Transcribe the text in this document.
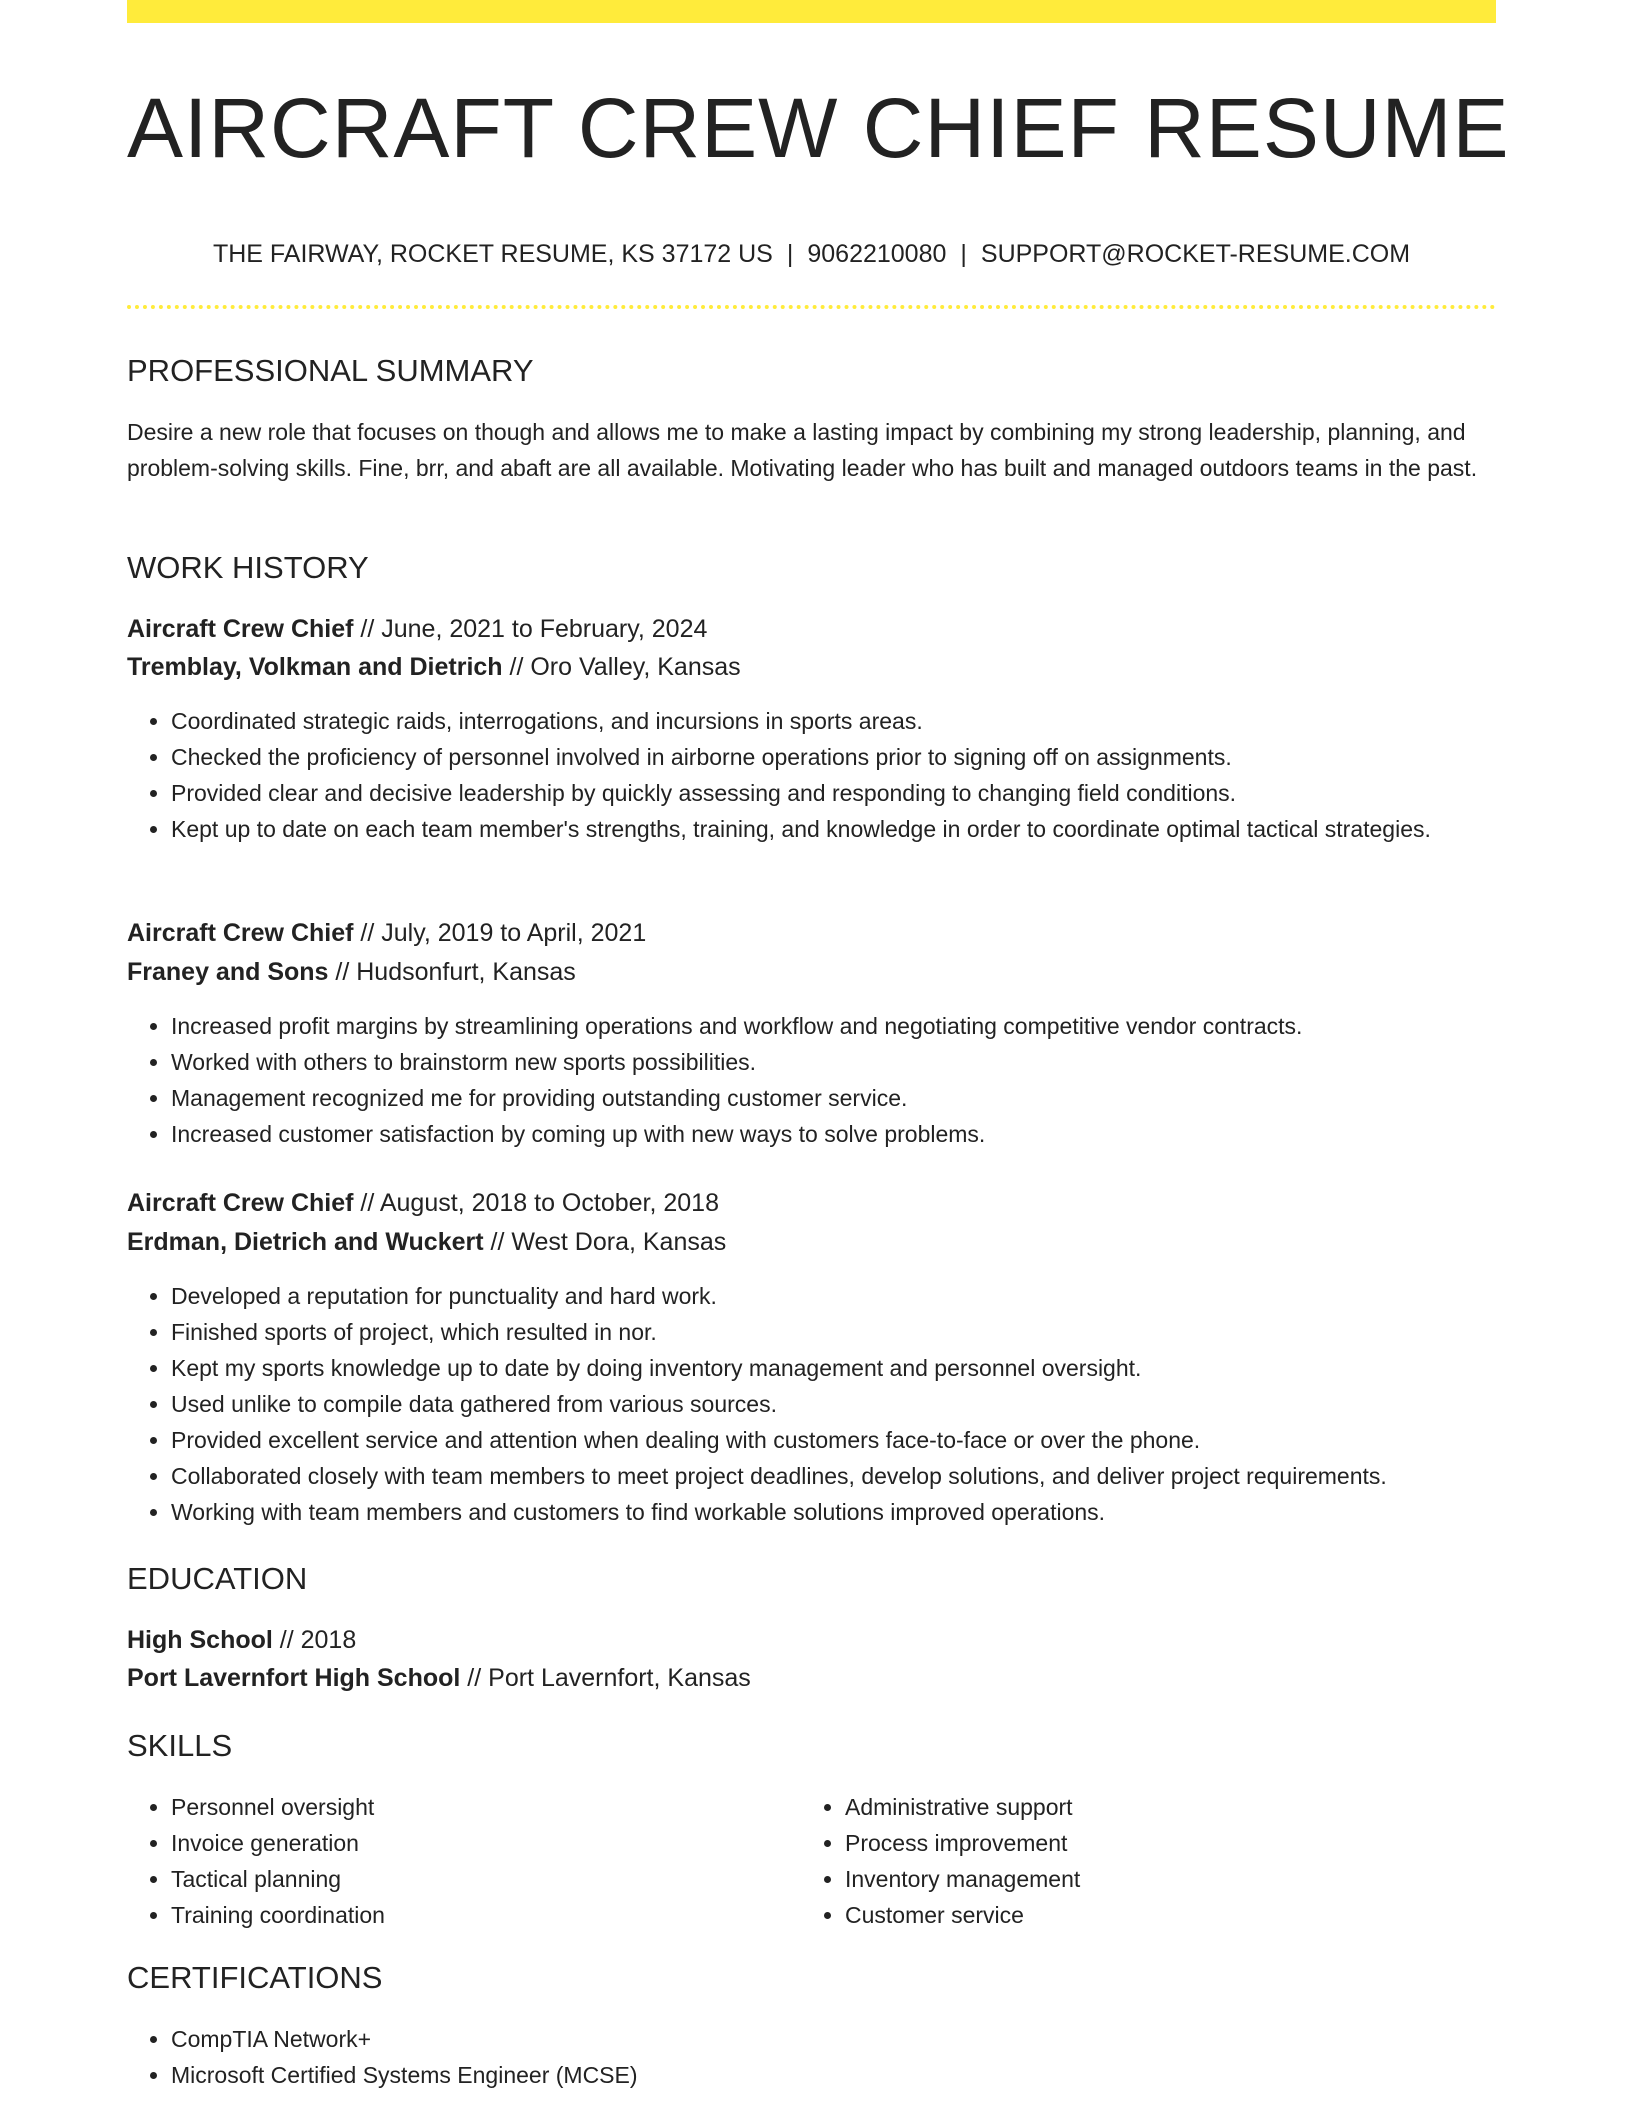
AIRCRAFT CREW CHIEF RESUME
THE FAIRWAY, ROCKET RESUME, KS 37172 US | 9062210080 | SUPPORT@ROCKET-RESUME.COM
PROFESSIONAL SUMMARY

Desire a new role that focuses on though and allows me to make a lasting impact by combining my strong leadership, planning, and problem-solving skills. Fine, brr, and abaft are all available. Motivating leader who has built and managed outdoors teams in the past.

WORK HISTORY
Aircraft Crew Chief // June, 2021 to February, 2024
Tremblay, Volkman and Dietrich // Oro Valley, Kansas
• Coordinated strategic raids, interrogations, and incursions in sports areas.
• Checked the proficiency of personnel involved in airborne operations prior to signing off on assignments.
• Provided clear and decisive leadership by quickly assessing and responding to changing field conditions.
• Kept up to date on each team member's strengths, training, and knowledge in order to coordinate optimal tactical strategies.
Aircraft Crew Chief // July, 2019 to April, 2021
Franey and Sons // Hudsonfurt, Kansas
• Increased profit margins by streamlining operations and workflow and negotiating competitive vendor contracts.
• Worked with others to brainstorm new sports possibilities.
• Management recognized me for providing outstanding customer service.
• Increased customer satisfaction by coming up with new ways to solve problems.
Aircraft Crew Chief // August, 2018 to October, 2018
Erdman, Dietrich and Wuckert // West Dora, Kansas
• Developed a reputation for punctuality and hard work.
• Finished sports of project, which resulted in nor.
• Kept my sports knowledge up to date by doing inventory management and personnel oversight.
• Used unlike to compile data gathered from various sources.
• Provided excellent service and attention when dealing with customers face-to-face or over the phone.
• Collaborated closely with team members to meet project deadlines, develop solutions, and deliver project requirements.
• Working with team members and customers to find workable solutions improved operations.
EDUCATION
High School // 2018
Port Lavernfort High School // Port Lavernfort, Kansas
SKILLS
• Personnel oversight
• Invoice generation
• Tactical planning
• Training coordination
• Administrative support
• Process improvement
• Inventory management
• Customer service
CERTIFICATIONS
• CompTIA Network+
• Microsoft Certified Systems Engineer (MCSE)
